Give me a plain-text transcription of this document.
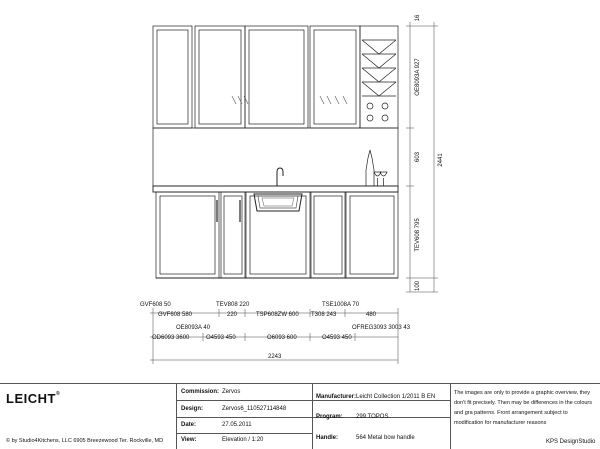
16
OE8093A 927
603
TEV608 795
100
2441
GVF608 50	TEV808 220	TSE1008A 70
GVF608 580	220	TSP608ZW 600 T308 243	480
OE8093A 40	OFREG3093 3003 43
OD6093 3600	O4593 450	O6093 600	O4593 450
2243
LEICHT®
© by Studio4Kitchens, LLC 6905 Breezewood Ter. Rockville, MD
Commission: Zervos
Design:	Zervos6_110527114848
Date:	27.05.2011
View:	Elevation / 1:20
Manufacturer: Leicht Collection 1/2011 B EN
Program: 299 TOPOS
Handle:	564 Metal bow handle
The images are only to provide a graphic overview, they don't fit precisely. Then may be differences in the colours and gra patterns. Front arrangement subject to modification for manufacturer reasons
KPS DesignStudio
